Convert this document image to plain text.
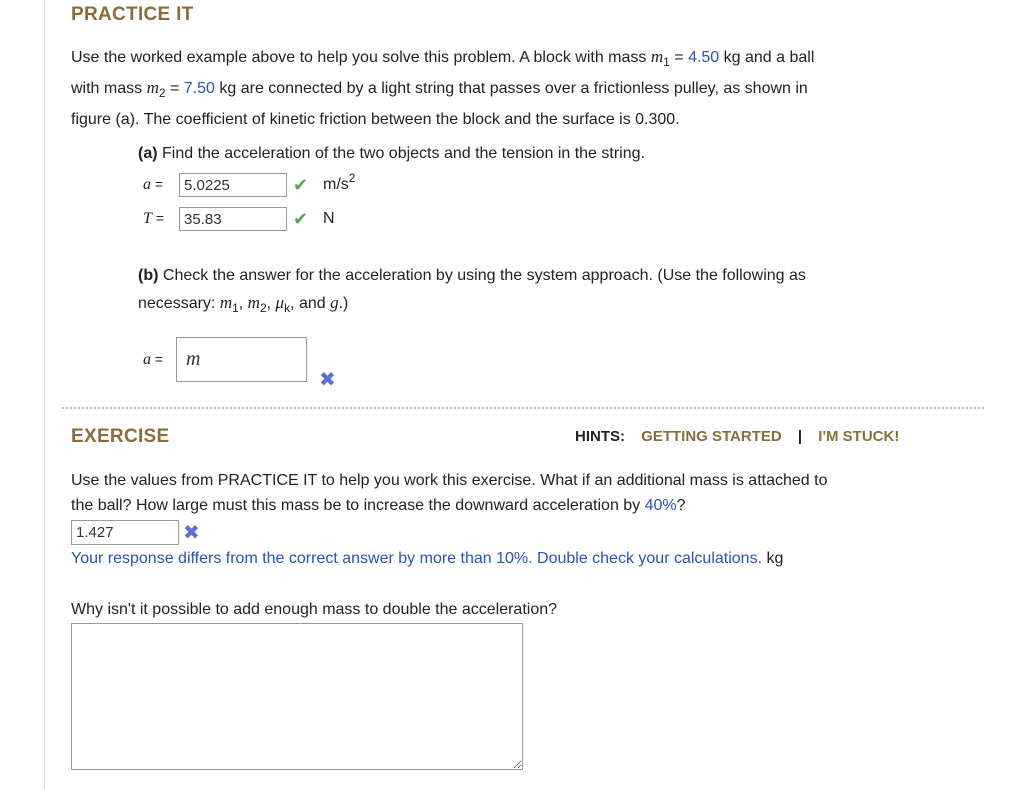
PRACTICE IT
Use the worked example above to help you solve this problem. A block with mass $m_1 = 4.50$ kg and a ball
with mass $m_2 = 7.50$ kg are connected by a light string that passes over a frictionless pulley, as shown in
figure (a). The coefficient of kinetic friction between the block and the surface is 0.300.
(a) Find the acceleration of the two objects and the tension in the string.
a =	5.0225	✔ $m/s^2$
T =	35.83	✔ N
(b) Check the answer for the acceleration by using the system approach. (Use the following as
necessary: $m_1$, $m_2$, $\mu_k$, and g.)
a =	m
✖
EXERCISE	HINTS: GETTING STARTED | I'M STUCK!
Use the values from PRACTICE IT to help you work this exercise. What if an additional mass is attached to
the ball? How large must this mass be to increase the downward acceleration by 40%?
1.427	✖
Your response differs from the correct answer by more than 10%. Double check your calculations. kg
Why isn't it possible to add enough mass to double the acceleration?
